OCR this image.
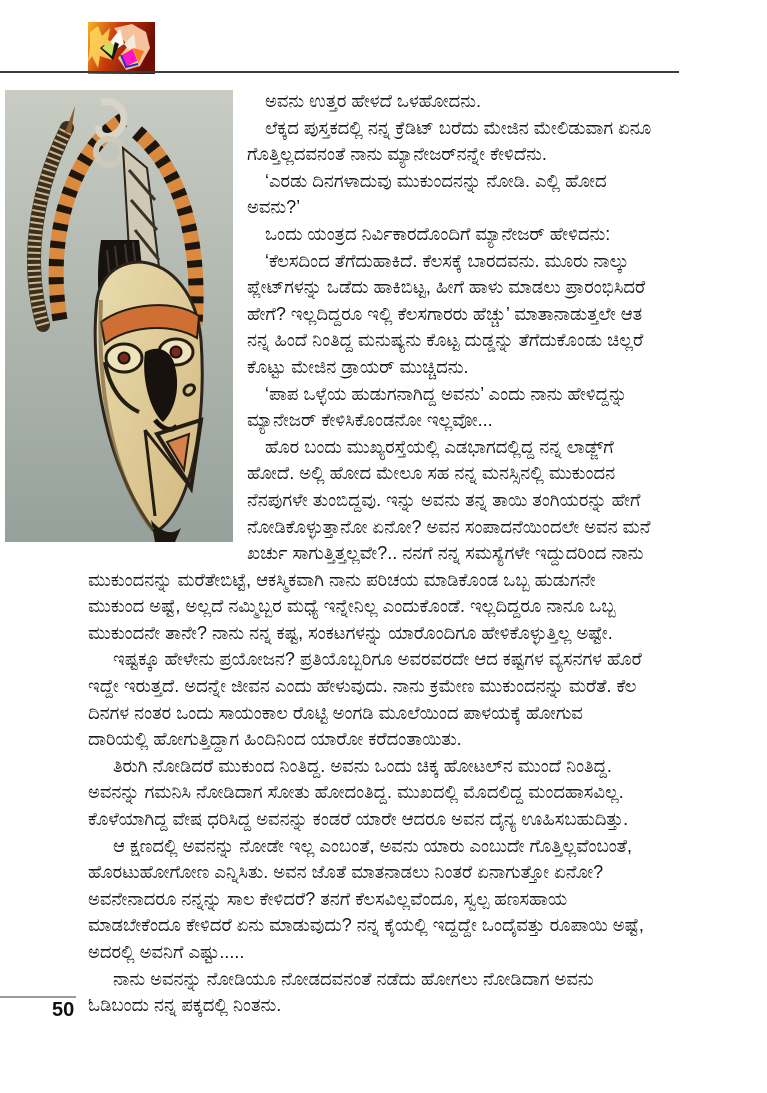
ಅವನು ಉತ್ತರ ಹೇಳದೆ ಒಳಹೋದನು.
ಲೆಕ್ಕದ ಪುಸ್ತಕದಲ್ಲಿ ನನ್ನ ಕ್ರೆಡಿಟ್ ಬರೆದು ಮೇಜಿನ ಮೇಲಿಡುವಾಗ ಏನೂ
ಗೊತ್ತಿಲ್ಲದವನಂತೆ ನಾನು ಮ್ಯಾನೇಜರ್‌ನನ್ನೇ ಕೇಳಿದೆನು.
‘ಎರಡು ದಿನಗಳಾದುವು ಮುಕುಂದನನ್ನು ನೋಡಿ. ಎಲ್ಲಿ ಹೋದ
ಅವನು?’
ಒಂದು ಯಂತ್ರದ ನಿರ್ವಿಕಾರದೊಂದಿಗೆ ಮ್ಯಾನೇಜರ್ ಹೇಳಿದನು:
‘ಕೆಲಸದಿಂದ ತೆಗೆದುಹಾಕಿದೆ. ಕೆಲಸಕ್ಕೆ ಬಾರದವನು. ಮೂರು ನಾಲ್ಕು
ಪ್ಲೇಟ್‌ಗಳನ್ನು ಒಡೆದು ಹಾಕಿಬಿಟ್ಟ, ಹೀಗೆ ಹಾಳು ಮಾಡಲು ಪ್ರಾರಂಭಿಸಿದರೆ
ಹೇಗೆ? ಇಲ್ಲದಿದ್ದರೂ ಇಲ್ಲಿ ಕೆಲಸಗಾರರು ಹೆಚ್ಚು’ ಮಾತಾನಾಡುತ್ತಲೇ ಆತ
ನನ್ನ ಹಿಂದೆ ನಿಂತಿದ್ದ ಮನುಷ್ಯನು ಕೊಟ್ಟ ದುಡ್ಡನ್ನು ತೆಗೆದುಕೊಂಡು ಚಿಲ್ಲರೆ
ಕೊಟ್ಟು ಮೇಜಿನ ಡ್ರಾಯರ್ ಮುಚ್ಚಿದನು.
‘ಪಾಪ ಒಳ್ಳೆಯ ಹುಡುಗನಾಗಿದ್ದ ಅವನು’ ಎಂದು ನಾನು ಹೇಳಿದ್ದನ್ನು
ಮ್ಯಾನೇಜರ್ ಕೇಳಿಸಿಕೊಂಡನೋ ಇಲ್ಲವೋ...
ಹೊರ ಬಂದು ಮುಖ್ಯರಸ್ತೆಯಲ್ಲಿ ಎಡಭಾಗದಲ್ಲಿದ್ದ ನನ್ನ ಲಾಡ್ಜ್‌ಗೆ
ಹೋದೆ. ಅಲ್ಲಿ ಹೋದ ಮೇಲೂ ಸಹ ನನ್ನ ಮನಸ್ಸಿನಲ್ಲಿ ಮುಕುಂದನ
ನೆನಪುಗಳೇ ತುಂಬಿದ್ದವು. ಇನ್ನು ಅವನು ತನ್ನ ತಾಯಿ ತಂಗಿಯರನ್ನು ಹೇಗೆ
ನೋಡಿಕೊಳ್ಳುತ್ತಾನೋ ಏನೋ? ಅವನ ಸಂಪಾದನೆಯಿಂದಲೇ ಅವನ ಮನೆ
ಖರ್ಚು ಸಾಗುತ್ತಿತ್ತಲ್ಲವೇ?.. ನನಗೆ ನನ್ನ ಸಮಸ್ಯೆಗಳೇ ಇದ್ದುದರಿಂದ ನಾನು
ಮುಕುಂದನನ್ನು ಮರೆತೇಬಿಟ್ಟೆ, ಆಕಸ್ಮಿಕವಾಗಿ ನಾನು ಪರಿಚಯ ಮಾಡಿಕೊಂಡ ಒಬ್ಬ ಹುಡುಗನೇ
ಮುಕುಂದ ಅಷ್ಟೆ, ಅಲ್ಲದೆ ನಮ್ಮಿಬ್ಬರ ಮಧ್ಯೆ ಇನ್ನೇನಿಲ್ಲ ಎಂದುಕೊಂಡೆ. ಇಲ್ಲದಿದ್ದರೂ ನಾನೂ ಒಬ್ಬ
ಮುಕುಂದನೇ ತಾನೇ? ನಾನು ನನ್ನ ಕಷ್ಟ, ಸಂಕಟಗಳನ್ನು ಯಾರೊಂದಿಗೂ ಹೇಳಿಕೊಳ್ಳುತ್ತಿಲ್ಲ ಅಷ್ಟೇ.
ಇಷ್ಟಕ್ಕೂ ಹೇಳೇನು ಪ್ರಯೋಜನ? ಪ್ರತಿಯೊಬ್ಬರಿಗೂ ಅವರವರದೇ ಆದ ಕಷ್ಟಗಳ ವ್ಯಸನಗಳ ಹೊರೆ
ಇದ್ದೇ ಇರುತ್ತದೆ. ಅದನ್ನೇ ಜೀವನ ಎಂದು ಹೇಳುವುದು. ನಾನು ಕ್ರಮೇಣ ಮುಕುಂದನನ್ನು ಮರೆತೆ. ಕೆಲ
ದಿನಗಳ ನಂತರ ಒಂದು ಸಾಯಂಕಾಲ ರೊಟ್ಟಿ ಅಂಗಡಿ ಮೂಲೆಯಿಂದ ಪಾಳಯಕ್ಕೆ ಹೋಗುವ
ದಾರಿಯಲ್ಲಿ ಹೋಗುತ್ತಿದ್ದಾಗ ಹಿಂದಿನಿಂದ ಯಾರೋ ಕರೆದಂತಾಯಿತು.
ತಿರುಗಿ ನೋಡಿದರೆ ಮುಕುಂದ ನಿಂತಿದ್ದ. ಅವನು ಒಂದು ಚಿಕ್ಕ ಹೋಟಲ್‌ನ ಮುಂದೆ ನಿಂತಿದ್ದ.
ಅವನನ್ನು ಗಮನಿಸಿ ನೋಡಿದಾಗ ಸೋತು ಹೋದಂತಿದ್ದ. ಮುಖದಲ್ಲಿ ಮೊದಲಿದ್ದ ಮಂದಹಾಸವಿಲ್ಲ.
ಕೊಳೆಯಾಗಿದ್ದ ವೇಷ ಧರಿಸಿದ್ದ ಅವನನ್ನು ಕಂಡರೆ ಯಾರೇ ಆದರೂ ಅವನ ದೈನ್ಯ ಊಹಿಸಬಹುದಿತ್ತು.
ಆ ಕ್ಷಣದಲ್ಲಿ ಅವನನ್ನು ನೋಡೇ ಇಲ್ಲ ಎಂಬಂತೆ, ಅವನು ಯಾರು ಎಂಬುದೇ ಗೊತ್ತಿಲ್ಲವೆಂಬಂತೆ,
ಹೊರಟುಹೋಗೋಣ ಎನ್ನಿಸಿತು. ಅವನ ಜೊತೆ ಮಾತನಾಡಲು ನಿಂತರೆ ಏನಾಗುತ್ತೋ ಏನೋ?
ಅವನೇನಾದರೂ ನನ್ನನ್ನು ಸಾಲ ಕೇಳಿದರೆ? ತನಗೆ ಕೆಲಸವಿಲ್ಲವೆಂದೂ, ಸ್ವಲ್ಪ ಹಣಸಹಾಯ
ಮಾಡಬೇಕೆಂದೂ ಕೇಳಿದರೆ ಏನು ಮಾಡುವುದು? ನನ್ನ ಕೈಯಲ್ಲಿ ಇದ್ದದ್ದೇ ಒಂದೈವತ್ತು ರೂಪಾಯಿ ಅಷ್ಟೆ,
ಅದರಲ್ಲಿ ಅವನಿಗೆ ಎಷ್ಟು.....
ನಾನು ಅವನನ್ನು ನೋಡಿಯೂ ನೋಡದವನಂತೆ ನಡೆದು ಹೋಗಲು ನೋಡಿದಾಗ ಅವನು
ಓಡಿಬಂದು ನನ್ನ ಪಕ್ಕದಲ್ಲಿ ನಿಂತನು.
50
